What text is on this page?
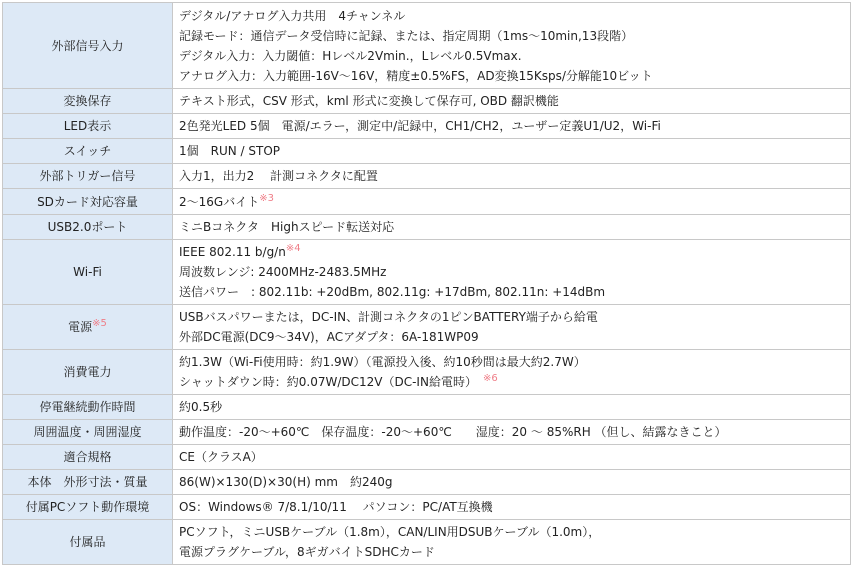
外部信号入力	デジタル/アナログ入力共用　4チャンネル
記録モード：通信データ受信時に記録、または、指定周期（1ms～10min,13段階）
デジタル入力：入力閾値：Hレベル2Vmin.，Lレベル0.5Vmax.
アナログ入力：入力範囲-16V～16V，精度±0.5%FS，AD変換15Ksps/分解能10ビット

変換保存	テキスト形式，CSV 形式，kml 形式に変換して保存可, OBD 翻訳機能

LED表示	2色発光LED 5個　電源/エラー，測定中/記録中，CH1/CH2，ユーザー定義U1/U2，Wi-Fi

スイッチ	1個　RUN / STOP

外部トリガー信号	入力1，出力2　 計測コネクタに配置

SDカード対応容量	2～16Gバイト$^{※3}$
USB2.0ポート	ミニBコネクタ　Highスピード転送対応

Wi-Fi	IEEE 802.11 b/g/n$^{※4}$
周波数レンジ: 2400MHz-2483.5MHz
送信パワー　: 802.11b: +20dBm, 802.11g: +17dBm, 802.11n: +14dBm

電源$^{※5}$	USBバスパワーまたは，DC-IN、計測コネクタの1ピンBATTERY端子から給電
外部DC電源(DC9～34V)，ACアダプタ：6A-181WP09

消費電力	約1.3W（Wi-Fi使用時：約1.9W）（電源投入後、約10秒間は最大約2.7W）
シャットダウン時：約0.07W/DC12V（DC-IN給電時）　 $^{※6}$

停電継続動作時間	約0.5秒

周囲温度・周囲湿度	動作温度：-20～+60℃　保存温度：-20～+60℃　　湿度：20 ～ 85%RH （但し、結露なきこと）

適合規格	CE（クラスA）

本体　外形寸法・質量	86(W)×130(D)×30(H) mm　約240g

付属PCソフト動作環境	OS：Windows® 7/8.1/10/11　 パソコン：PC/AT互換機

付属品	PCソフト，ミニUSBケーブル（1.8m），CAN/LIN用DSUBケーブル（1.0m），
電源プラグケーブル，8ギガバイトSDHCカード
